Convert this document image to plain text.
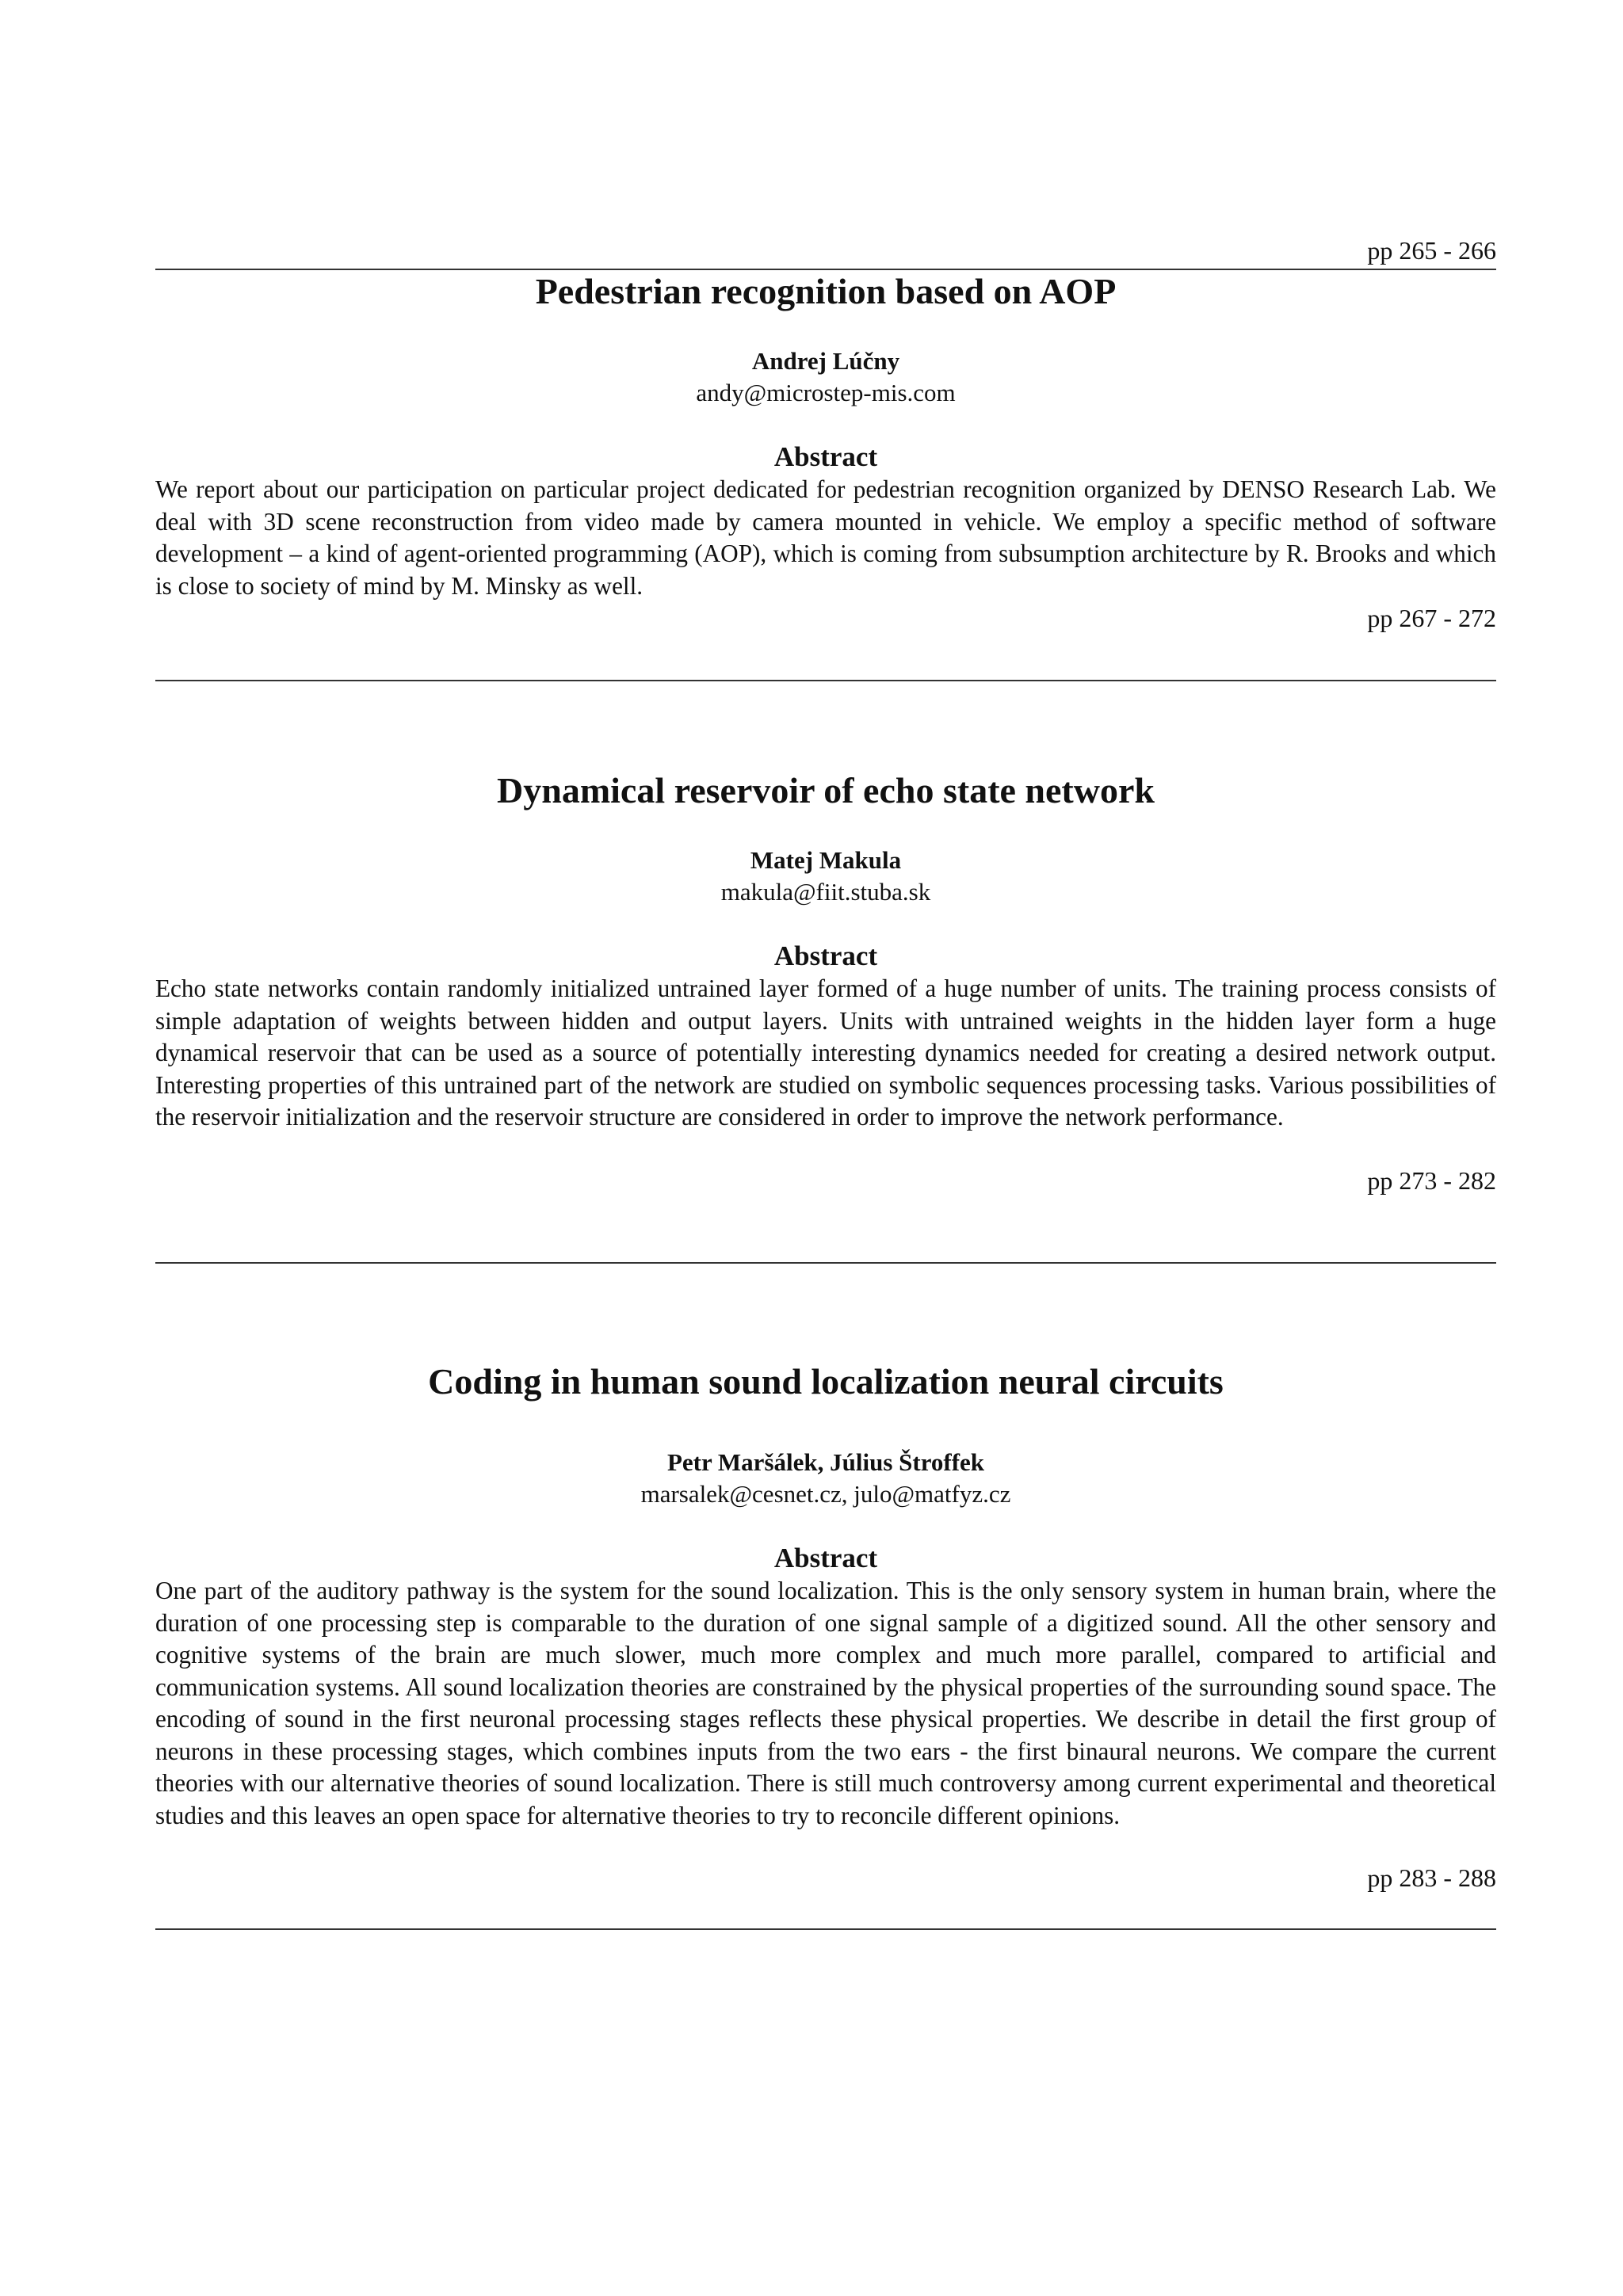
pp 265 - 266
Pedestrian recognition based on AOP
Andrej Lúčny
andy@microstep-mis.com
Abstract

We report about our participation on particular project dedicated for pedestrian recognition organized by DENSO Research Lab. We deal with 3D scene reconstruction from video made by camera mounted in vehicle. We employ a specific method of software development – a kind of agent-oriented programming (AOP), which is coming from subsumption architecture by R. Brooks and which is close to society of mind by M. Minsky as well.

pp 267 - 272
Dynamical reservoir of echo state network
Matej Makula
makula@fiit.stuba.sk
Abstract

Echo state networks contain randomly initialized untrained layer formed of a huge number of units. The training process consists of simple adaptation of weights between hidden and output layers. Units with untrained weights in the hidden layer form a huge dynamical reservoir that can be used as a source of potentially interesting dynamics needed for creating a desired network output. Interesting properties of this untrained part of the network are studied on symbolic sequences processing tasks. Various possibilities of the reservoir initialization and the reservoir structure are considered in order to improve the network performance.

pp 273 - 282
Coding in human sound localization neural circuits
Petr Maršálek, Július Štroffek
marsalek@cesnet.cz, julo@matfyz.cz
Abstract

One part of the auditory pathway is the system for the sound localization. This is the only sensory system in human brain, where the duration of one processing step is comparable to the duration of one signal sample of a digitized sound. All the other sensory and cognitive systems of the brain are much slower, much more complex and much more parallel, compared to artificial and communication systems. All sound localization theories are constrained by the physical properties of the surrounding sound space. The encoding of sound in the first neuronal processing stages reflects these physical properties. We describe in detail the first group of neurons in these processing stages, which combines inputs from the two ears - the first binaural neurons. We compare the current theories with our alternative theories of sound localization. There is still much controversy among current experimental and theoretical studies and this leaves an open space for alternative theories to try to reconcile different opinions.

pp 283 - 288
